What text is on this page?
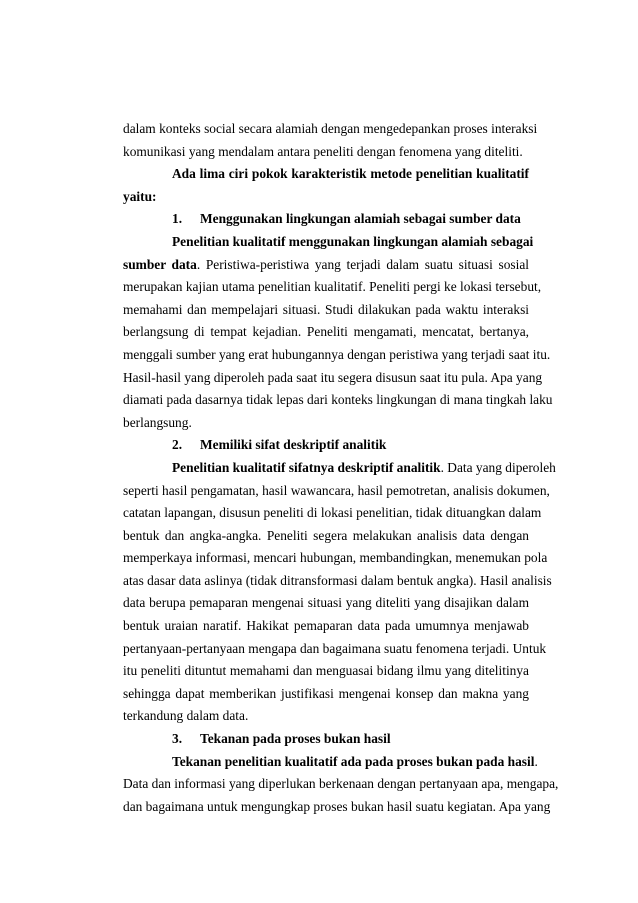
dalam konteks social secara alamiah dengan mengedepankan proses interaksi
komunikasi yang mendalam antara peneliti dengan fenomena yang diteliti.
Ada lima ciri pokok karakteristik metode penelitian kualitatif
yaitu:
1. Menggunakan lingkungan alamiah sebagai sumber data
Penelitian kualitatif menggunakan lingkungan alamiah sebagai
sumber data. Peristiwa-peristiwa yang terjadi dalam suatu situasi sosial
merupakan kajian utama penelitian kualitatif. Peneliti pergi ke lokasi tersebut,
memahami dan mempelajari situasi. Studi dilakukan pada waktu interaksi
berlangsung di tempat kejadian. Peneliti mengamati, mencatat, bertanya,
menggali sumber yang erat hubungannya dengan peristiwa yang terjadi saat itu.
Hasil-hasil yang diperoleh pada saat itu segera disusun saat itu pula. Apa yang
diamati pada dasarnya tidak lepas dari konteks lingkungan di mana tingkah laku
berlangsung.
2. Memiliki sifat deskriptif analitik
Penelitian kualitatif sifatnya deskriptif analitik. Data yang diperoleh
seperti hasil pengamatan, hasil wawancara, hasil pemotretan, analisis dokumen,
catatan lapangan, disusun peneliti di lokasi penelitian, tidak dituangkan dalam
bentuk dan angka-angka. Peneliti segera melakukan analisis data dengan
memperkaya informasi, mencari hubungan, membandingkan, menemukan pola
atas dasar data aslinya (tidak ditransformasi dalam bentuk angka). Hasil analisis
data berupa pemaparan mengenai situasi yang diteliti yang disajikan dalam
bentuk uraian naratif. Hakikat pemaparan data pada umumnya menjawab
pertanyaan-pertanyaan mengapa dan bagaimana suatu fenomena terjadi. Untuk
itu peneliti dituntut memahami dan menguasai bidang ilmu yang ditelitinya
sehingga dapat memberikan justifikasi mengenai konsep dan makna yang
terkandung dalam data.
3. Tekanan pada proses bukan hasil
Tekanan penelitian kualitatif ada pada proses bukan pada hasil.
Data dan informasi yang diperlukan berkenaan dengan pertanyaan apa, mengapa,
dan bagaimana untuk mengungkap proses bukan hasil suatu kegiatan. Apa yang
